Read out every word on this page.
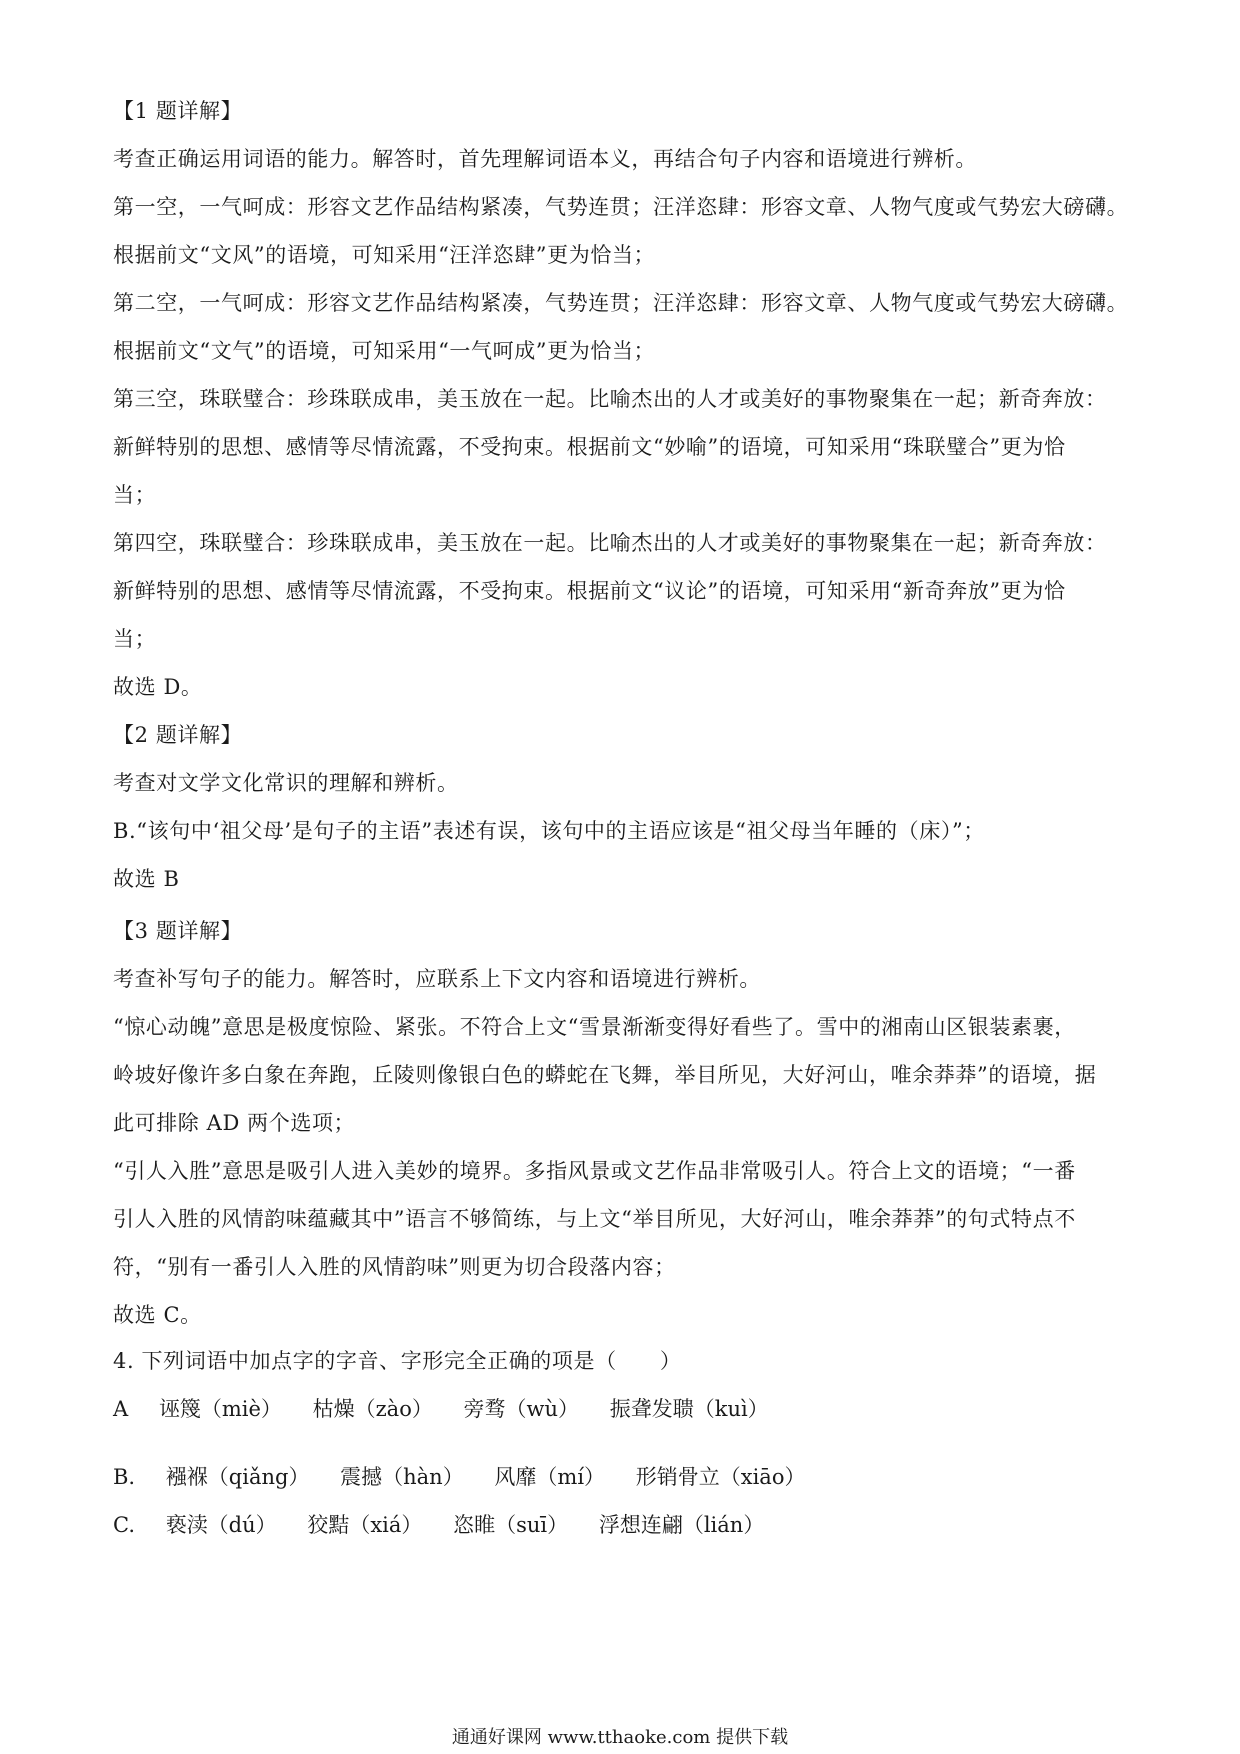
【1 题详解】
考查正确运用词语的能力。解答时，首先理解词语本义，再结合句子内容和语境进行辨析。
第一空，一气呵成：形容文艺作品结构紧凑，气势连贯；汪洋恣肆：形容文章、人物气度或气势宏大磅礴。
根据前文“文风”的语境，可知采用“汪洋恣肆”更为恰当；
第二空，一气呵成：形容文艺作品结构紧凑，气势连贯；汪洋恣肆：形容文章、人物气度或气势宏大磅礴。
根据前文“文气”的语境，可知采用“一气呵成”更为恰当；
第三空，珠联璧合：珍珠联成串，美玉放在一起。比喻杰出的人才或美好的事物聚集在一起；新奇奔放：
新鲜特别的思想、感情等尽情流露，不受拘束。根据前文“妙喻”的语境，可知采用“珠联璧合”更为恰
当；
第四空，珠联璧合：珍珠联成串，美玉放在一起。比喻杰出的人才或美好的事物聚集在一起；新奇奔放：
新鲜特别的思想、感情等尽情流露，不受拘束。根据前文“议论”的语境，可知采用“新奇奔放”更为恰
当；
故选 D。
【2 题详解】
考查对文学文化常识的理解和辨析。
B.“该句中‘祖父母’是句子的主语”表述有误，该句中的主语应该是“祖父母当年睡的（床）”；
故选 B
【3 题详解】
考查补写句子的能力。解答时，应联系上下文内容和语境进行辨析。
“惊心动魄”意思是极度惊险、紧张。不符合上文“雪景渐渐变得好看些了。雪中的湘南山区银装素裹，
岭坡好像许多白象在奔跑，丘陵则像银白色的蟒蛇在飞舞，举目所见，大好河山，唯余莽莽”的语境，据
此可排除 AD 两个选项；
“引人入胜”意思是吸引人进入美妙的境界。多指风景或文艺作品非常吸引人。符合上文的语境；“一番
引人入胜的风情韵味蕴藏其中”语言不够简练，与上文“举目所见，大好河山，唯余莽莽”的句式特点不
符，“别有一番引人入胜的风情韵味”则更为切合段落内容；
故选 C。
4. 下列词语中加点字的字音、字形完全正确的项是（　　）
A 诬篾（miè） 枯燥（zào） 旁骛（wù） 振聋发聩（kuì）
B. 襁褓（qiǎng） 震撼（hàn） 风靡（mí） 形销骨立（xiāo）
C. 亵渎（dú） 狡黠（xiá） 恣睢（suī） 浮想连翩（lián）
通通好课网 www.tthaoke.com 提供下载
